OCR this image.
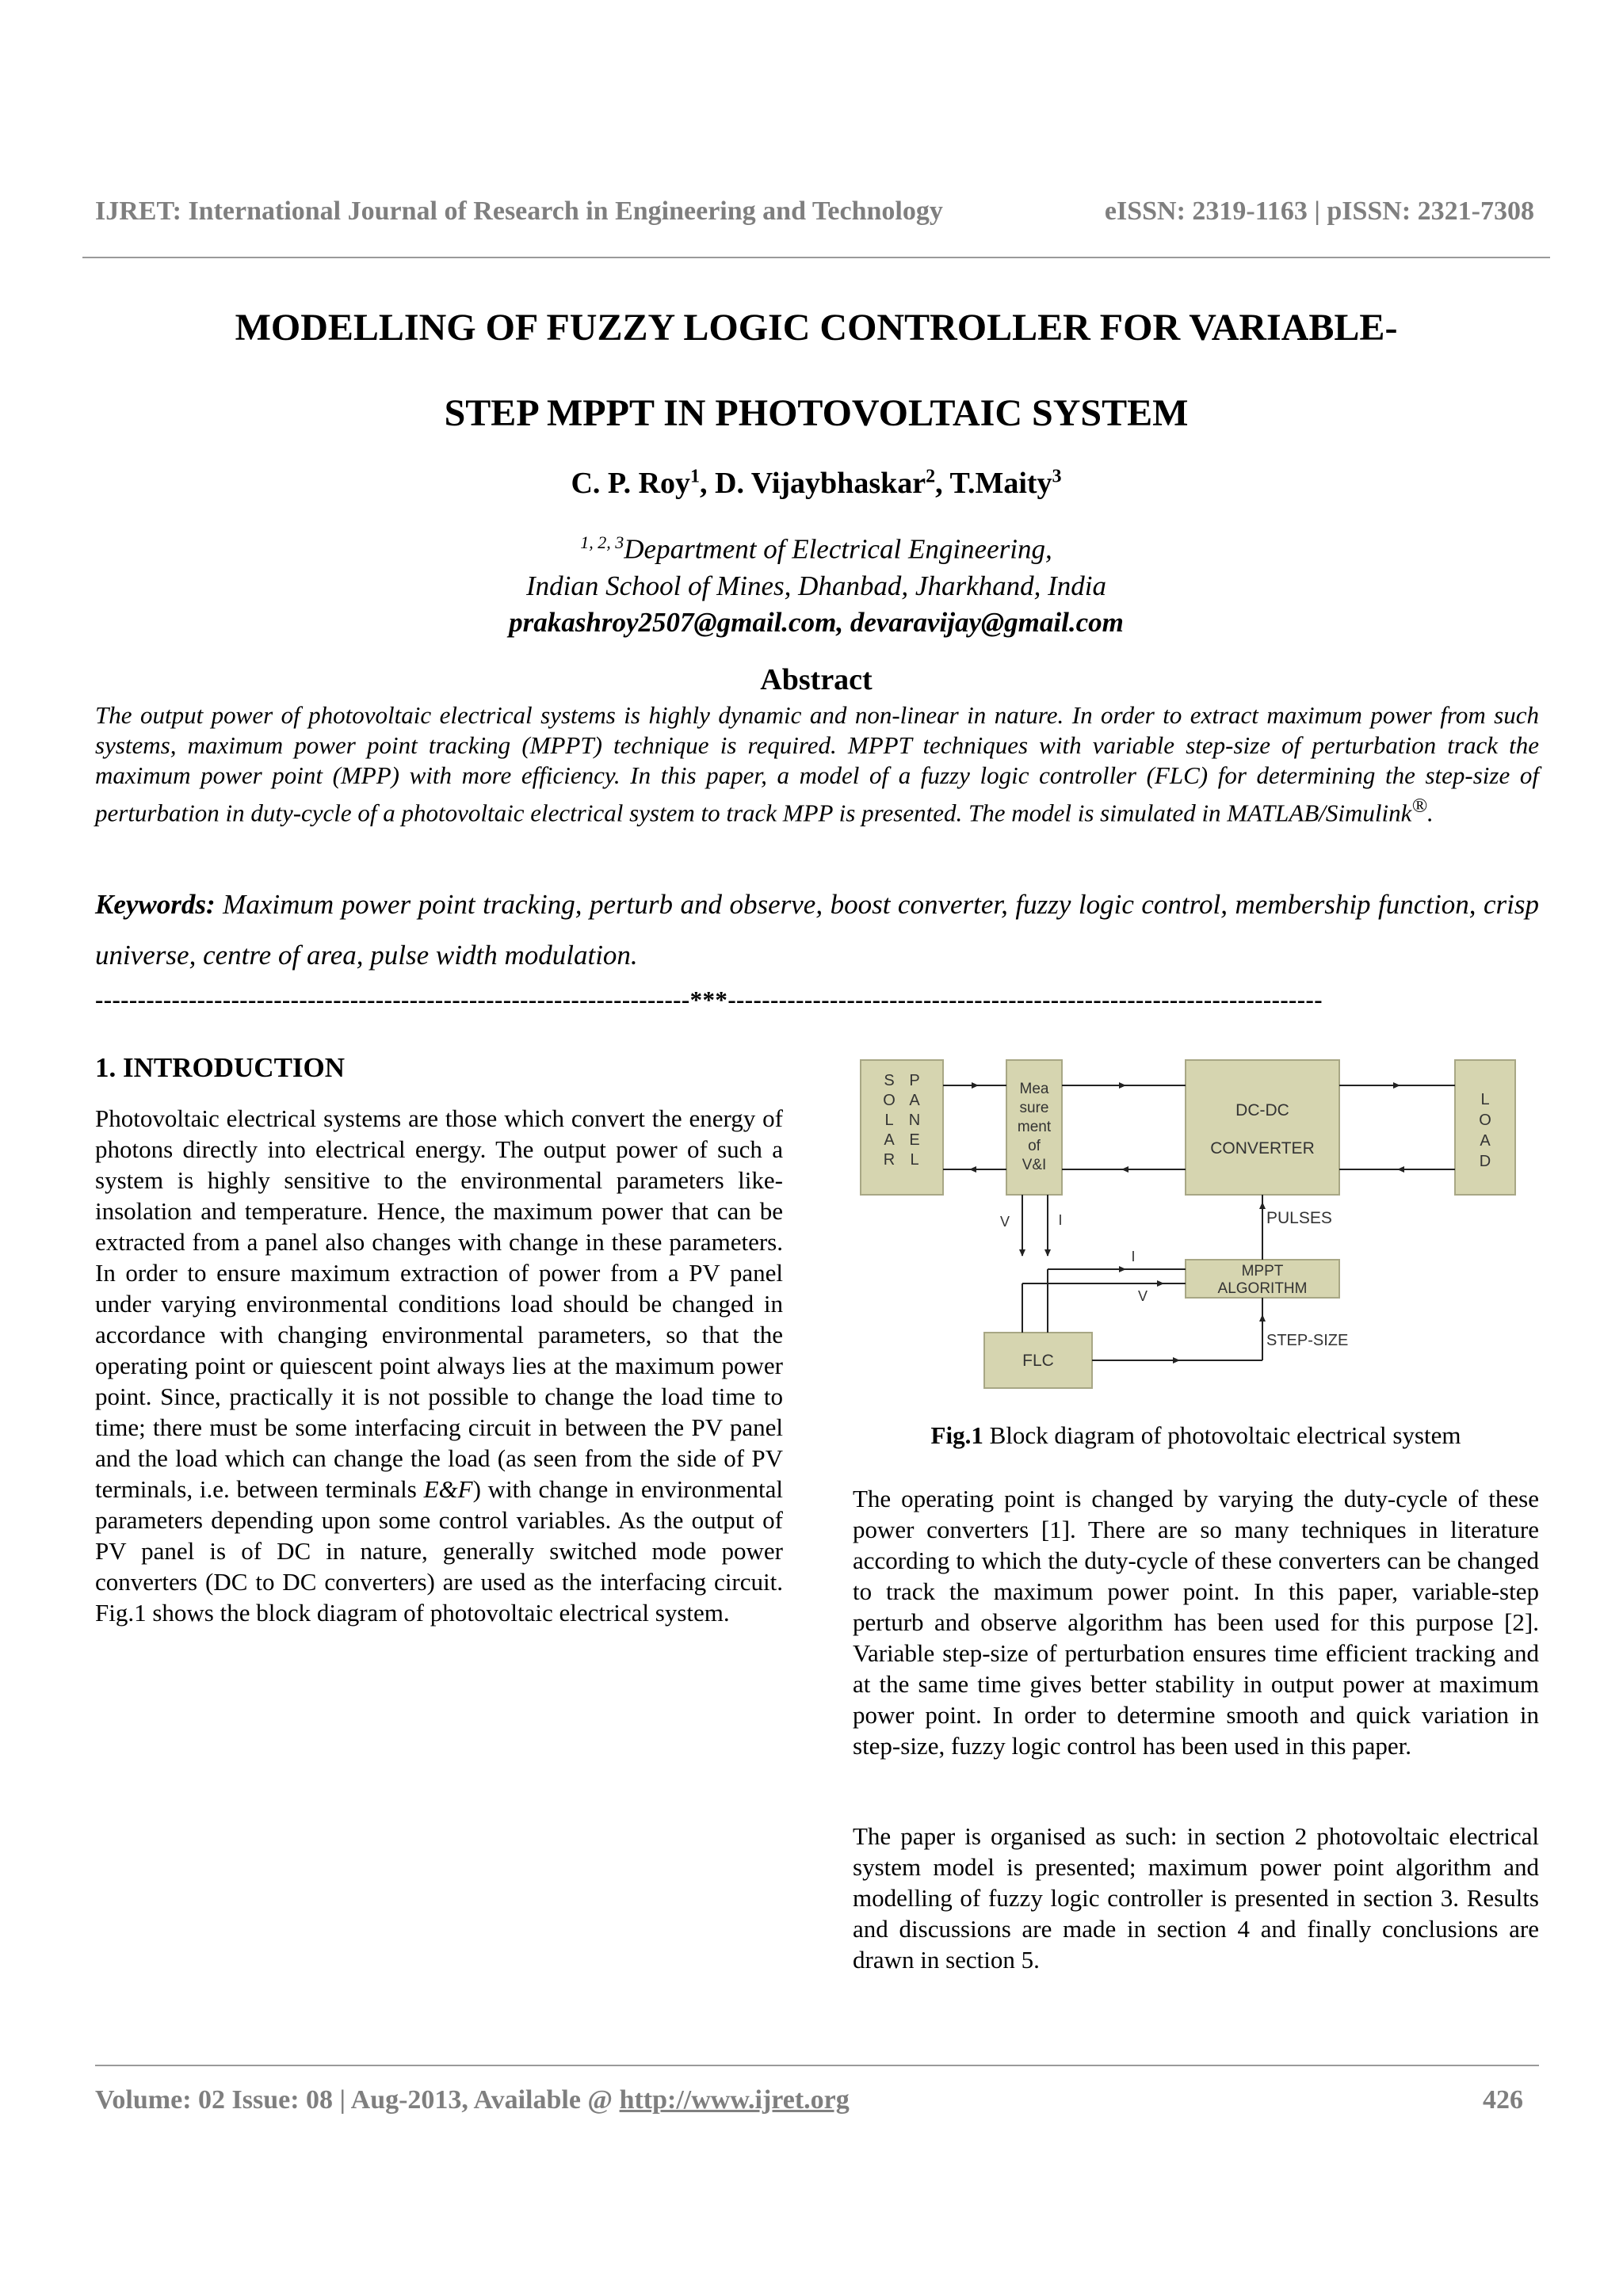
IJRET: International Journal of Research in Engineering and Technology	eISSN: 2319-1163 | pISSN: 2321-7308
MODELLING OF FUZZY LOGIC CONTROLLER FOR VARIABLE-
STEP MPPT IN PHOTOVOLTAIC SYSTEM
C. P. Roy$^1$, D. Vijaybhaskar$^2$, T.Maity$^3$
$^{1, 2, 3}$Department of Electrical Engineering,
Indian School of Mines, Dhanbad, Jharkhand, India
prakashroy2507@gmail.com, devaravijay@gmail.com
Abstract
The output power of photovoltaic electrical systems is highly dynamic and non-linear in nature. In order to extract maximum power from such systems, maximum power point tracking (MPPT) technique is required. MPPT techniques with variable step-size of perturbation track the maximum power point (MPP) with more efficiency. In this paper, a model of a fuzzy logic controller (FLC) for determining the step-size of perturbation in duty-cycle of a photovoltaic electrical system to track MPP is presented. The model is simulated in MATLAB/Simulink®.
Keywords: Maximum power point tracking, perturb and observe, boost converter, fuzzy logic control, membership function, crisp universe, centre of area, pulse width modulation.
----------------------------------------------------------------------***----------------------------------------------------------------------
1. INTRODUCTION
Photovoltaic electrical systems are those which convert the energy of photons directly into electrical energy. The output power of such a system is highly sensitive to the environmental parameters like- insolation and temperature. Hence, the maximum power that can be extracted from a panel also changes with change in these parameters. In order to ensure maximum extraction of power from a PV panel under varying environmental conditions load should be changed in accordance with changing environmental parameters, so that the operating point or quiescent point always lies at the maximum power point. Since, practically it is not possible to change the load time to time; there must be some interfacing circuit in between the PV panel and the load which can change the load (as seen from the side of PV terminals, i.e. between terminals E&F) with change in environmental parameters depending upon some control variables. As the output of PV panel is of DC in nature, generally switched mode power converters (DC to DC converters) are used as the interfacing circuit. Fig.1 shows the block diagram of photovoltaic electrical system.
S
O
L
A
R
P
A
N
E
L
Mea
sure
ment
of
V&I
DC-DC
CONVERTER
L
O
A
D
MPPT
ALGORITHM
FLC
V	I
I
V
PULSES
STEP-SIZE
Fig.1 Block diagram of photovoltaic electrical system
The operating point is changed by varying the duty-cycle of these power converters [1]. There are so many techniques in literature according to which the duty-cycle of these converters can be changed to track the maximum power point. In this paper, variable-step perturb and observe algorithm has been used for this purpose [2]. Variable step-size of perturbation ensures time efficient tracking and at the same time gives better stability in output power at maximum power point. In order to determine smooth and quick variation in step-size, fuzzy logic control has been used in this paper.
The paper is organised as such: in section 2 photovoltaic electrical system model is presented; maximum power point algorithm and modelling of fuzzy logic controller is presented in section 3. Results and discussions are made in section 4 and finally conclusions are drawn in section 5.
Volume: 02 Issue: 08 | Aug-2013, Available @ http://www.ijret.org	426
